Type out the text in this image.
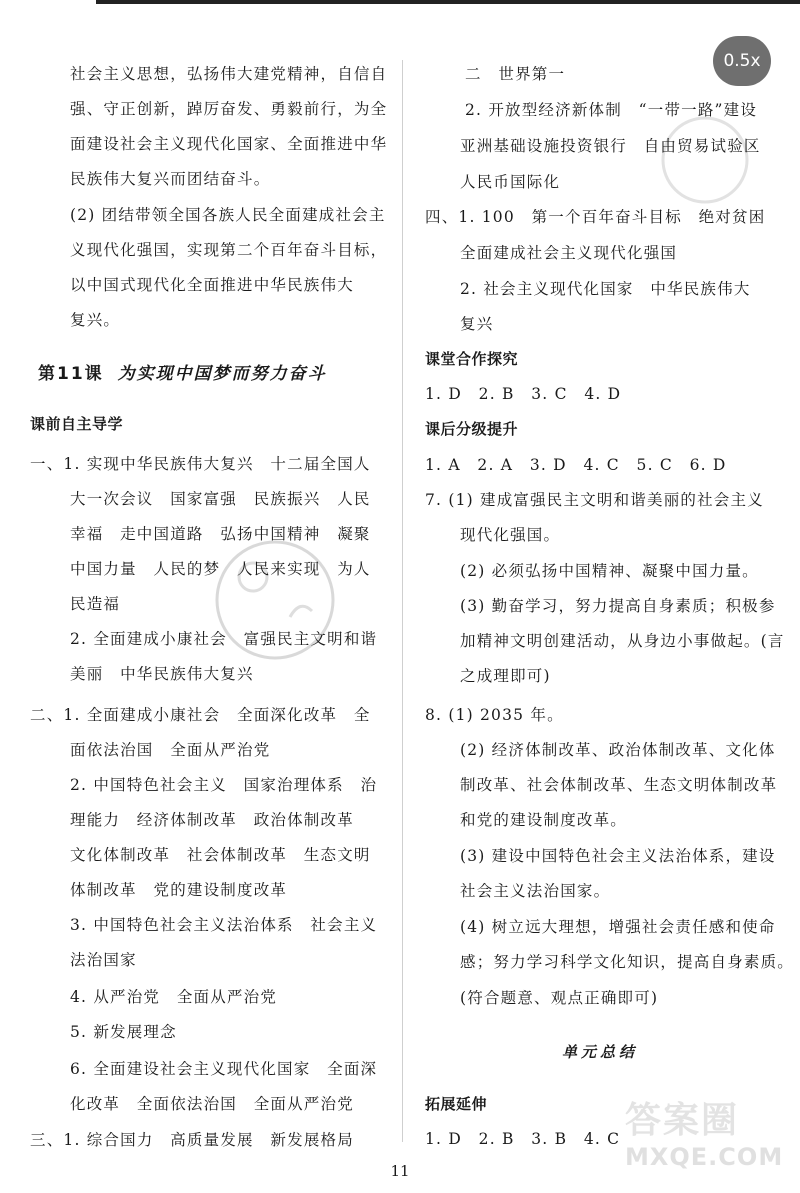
0.5x
社会主义思想，弘扬伟大建党精神，自信自
强、守正创新，踔厉奋发、勇毅前行，为全
面建设社会主义现代化国家、全面推进中华
民族伟大复兴而团结奋斗。
(2) 团结带领全国各族人民全面建成社会主
义现代化强国，实现第二个百年奋斗目标，
以中国式现代化全面推进中华民族伟大
复兴。
第11课 为实现中国梦而努力奋斗
课前自主导学
一、1. 实现中华民族伟大复兴　十二届全国人
大一次会议　国家富强　民族振兴　人民
幸福　走中国道路　弘扬中国精神　凝聚
中国力量　人民的梦　人民来实现　为人
民造福
2. 全面建成小康社会　富强民主文明和谐
美丽　中华民族伟大复兴
二、1. 全面建成小康社会　全面深化改革　全
面依法治国　全面从严治党
2. 中国特色社会主义　国家治理体系　治
理能力　经济体制改革　政治体制改革
文化体制改革　社会体制改革　生态文明
体制改革　党的建设制度改革
3. 中国特色社会主义法治体系　社会主义
法治国家
4. 从严治党　全面从严治党
5. 新发展理念
6. 全面建设社会主义现代化国家　全面深
化改革　全面依法治国　全面从严治党
三、1. 综合国力　高质量发展　新发展格局
二　世界第一
2. 开放型经济新体制　“一带一路”建设
亚洲基础设施投资银行　自由贸易试验区
人民币国际化
四、1. 100　第一个百年奋斗目标　绝对贫困
全面建成社会主义现代化强国
2. 社会主义现代化国家　中华民族伟大
复兴
课堂合作探究
1. D　2. B　3. C　4. D
课后分级提升
1. A　2. A　3. D　4. C　5. C　6. D
7. (1) 建成富强民主文明和谐美丽的社会主义
现代化强国。
(2) 必须弘扬中国精神、凝聚中国力量。
(3) 勤奋学习，努力提高自身素质；积极参
加精神文明创建活动，从身边小事做起。(言
之成理即可)
8. (1) 2035 年。
(2) 经济体制改革、政治体制改革、文化体
制改革、社会体制改革、生态文明体制改革
和党的建设制度改革。
(3) 建设中国特色社会主义法治体系，建设
社会主义法治国家。
(4) 树立远大理想，增强社会责任感和使命
感；努力学习科学文化知识，提高自身素质。
(符合题意、观点正确即可)
单元总结
拓展延伸
1. D　2. B　3. B　4. C 答案圈
MXQE.COM
11
